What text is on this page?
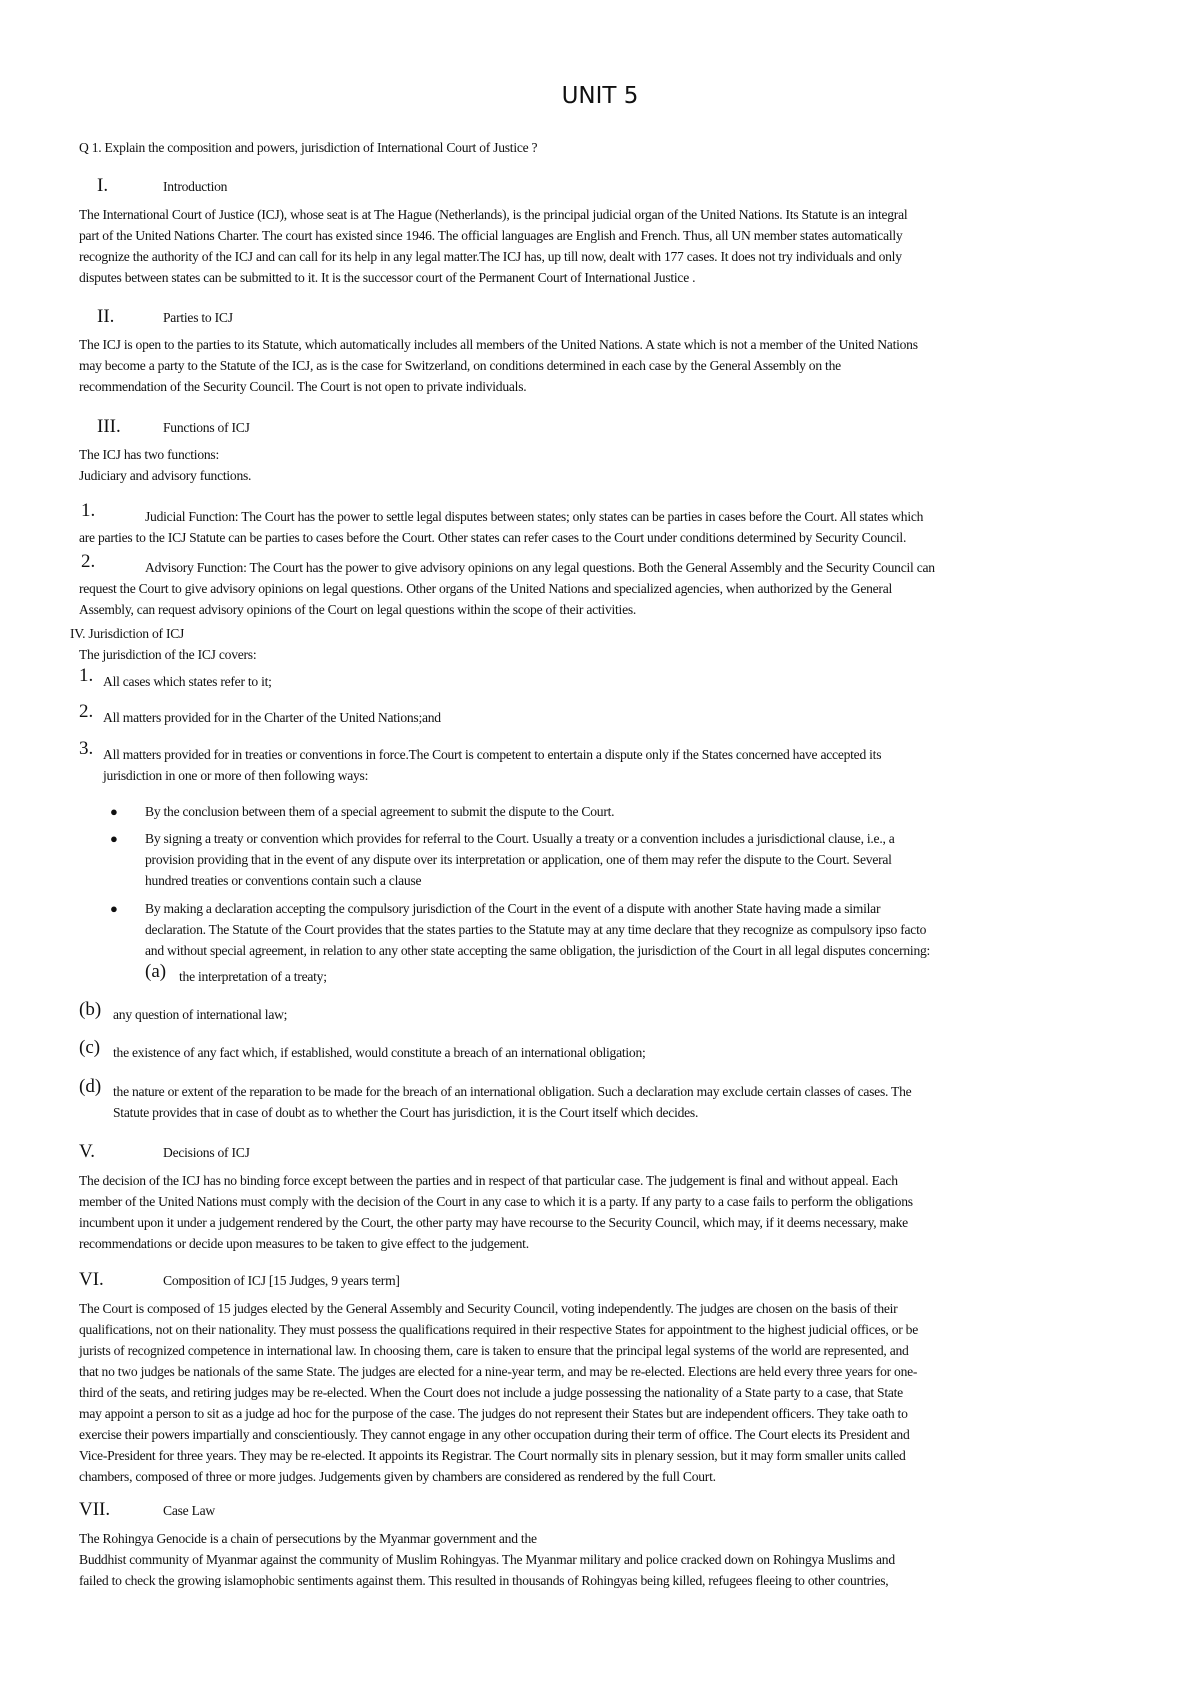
UNIT 5
Q 1. Explain the composition and powers, jurisdiction of International Court of Justice ?
I.	Introduction
The International Court of Justice (ICJ), whose seat is at The Hague (Netherlands), is the principal judicial organ of the United Nations. Its Statute is an integral
part of the United Nations Charter. The court has existed since 1946. The official languages are English and French. Thus, all UN member states automatically
recognize the authority of the ICJ and can call for its help in any legal matter.The ICJ has, up till now, dealt with 177 cases. It does not try individuals and only
disputes between states can be submitted to it. It is the successor court of the Permanent Court of International Justice .
II.	Parties to ICJ
The ICJ is open to the parties to its Statute, which automatically includes all members of the United Nations. A state which is not a member of the United Nations
may become a party to the Statute of the ICJ, as is the case for Switzerland, on conditions determined in each case by the General Assembly on the
recommendation of the Security Council. The Court is not open to private individuals.
III.	Functions of ICJ
The ICJ has two functions:
Judiciary and advisory functions.
1.	Judicial Function: The Court has the power to settle legal disputes between states; only states can be parties in cases before the Court. All states which
are parties to the ICJ Statute can be parties to cases before the Court. Other states can refer cases to the Court under conditions determined by Security Council.
2.	Advisory Function: The Court has the power to give advisory opinions on any legal questions. Both the General Assembly and the Security Council can
request the Court to give advisory opinions on legal questions. Other organs of the United Nations and specialized agencies, when authorized by the General
Assembly, can request advisory opinions of the Court on legal questions within the scope of their activities.
IV. Jurisdiction of ICJ
The jurisdiction of the ICJ covers:
1. All cases which states refer to it;
2. All matters provided for in the Charter of the United Nations;and
3. All matters provided for in treaties or conventions in force.The Court is competent to entertain a dispute only if the States concerned have accepted its
jurisdiction in one or more of then following ways:
● By the conclusion between them of a special agreement to submit the dispute to the Court.
● By signing a treaty or convention which provides for referral to the Court. Usually a treaty or a convention includes a jurisdictional clause, i.e., a
provision providing that in the event of any dispute over its interpretation or application, one of them may refer the dispute to the Court. Several
hundred treaties or conventions contain such a clause
● By making a declaration accepting the compulsory jurisdiction of the Court in the event of a dispute with another State having made a similar
declaration. The Statute of the Court provides that the states parties to the Statute may at any time declare that they recognize as compulsory ipso facto
and without special agreement, in relation to any other state accepting the same obligation, the jurisdiction of the Court in all legal disputes concerning:
(a) the interpretation of a treaty;
(b) any question of international law;
(c) the existence of any fact which, if established, would constitute a breach of an international obligation;
(d) the nature or extent of the reparation to be made for the breach of an international obligation. Such a declaration may exclude certain classes of cases. The
Statute provides that in case of doubt as to whether the Court has jurisdiction, it is the Court itself which decides.
V.	Decisions of ICJ
The decision of the ICJ has no binding force except between the parties and in respect of that particular case. The judgement is final and without appeal. Each
member of the United Nations must comply with the decision of the Court in any case to which it is a party. If any party to a case fails to perform the obligations
incumbent upon it under a judgement rendered by the Court, the other party may have recourse to the Security Council, which may, if it deems necessary, make
recommendations or decide upon measures to be taken to give effect to the judgement.
VI.	Composition of ICJ [15 Judges, 9 years term]
The Court is composed of 15 judges elected by the General Assembly and Security Council, voting independently. The judges are chosen on the basis of their
qualifications, not on their nationality. They must possess the qualifications required in their respective States for appointment to the highest judicial offices, or be
jurists of recognized competence in international law. In choosing them, care is taken to ensure that the principal legal systems of the world are represented, and
that no two judges be nationals of the same State. The judges are elected for a nine-year term, and may be re-elected. Elections are held every three years for one-
third of the seats, and retiring judges may be re-elected. When the Court does not include a judge possessing the nationality of a State party to a case, that State
may appoint a person to sit as a judge ad hoc for the purpose of the case. The judges do not represent their States but are independent officers. They take oath to
exercise their powers impartially and conscientiously. They cannot engage in any other occupation during their term of office. The Court elects its President and
Vice-President for three years. They may be re-elected. It appoints its Registrar. The Court normally sits in plenary session, but it may form smaller units called
chambers, composed of three or more judges. Judgements given by chambers are considered as rendered by the full Court.
VII.	Case Law
The Rohingya Genocide is a chain of persecutions by the Myanmar government and the
Buddhist community of Myanmar against the community of Muslim Rohingyas. The Myanmar military and police cracked down on Rohingya Muslims and
failed to check the growing islamophobic sentiments against them. This resulted in thousands of Rohingyas being killed, refugees fleeing to other countries,
